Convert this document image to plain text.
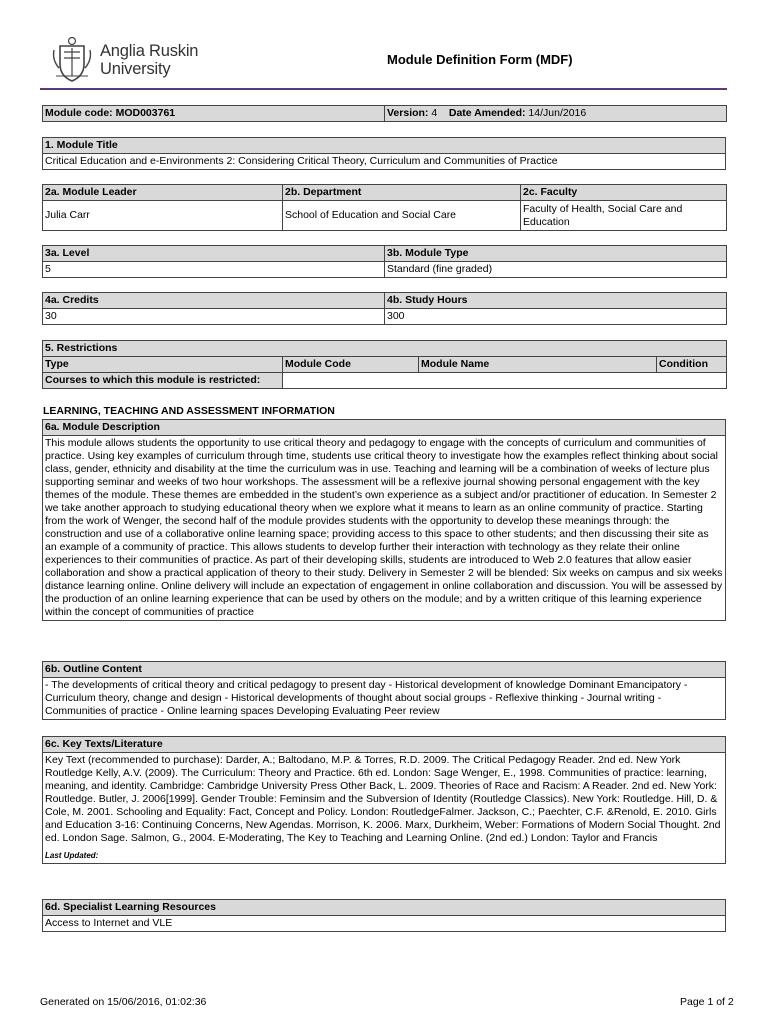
Anglia Ruskin
University
Module Definition Form (MDF)
Module code: MOD003761	Version: 4 Date Amended: 14/Jun/2016
1. Module Title
Critical Education and e-Environments 2: Considering Critical Theory, Curriculum and Communities of Practice
2a. Module Leader	2b. Department	2c. Faculty
Julia Carr	School of Education and Social Care	Faculty of Health, Social Care and Education
3a. Level	3b. Module Type
5	Standard (fine graded)
4a. Credits	4b. Study Hours
30	300
5. Restrictions			
Type	Module Code	Module Name	Condition
Courses to which this module is restricted:			
LEARNING, TEACHING AND ASSESSMENT INFORMATION
6a. Module Description
This module allows students the opportunity to use critical theory and pedagogy to engage with the concepts of curriculum and communities of practice. Using key examples of curriculum through time, students use critical theory to investigate how the examples reflect thinking about social class, gender, ethnicity and disability at the time the curriculum was in use. Teaching and learning will be a combination of weeks of lecture plus supporting seminar and weeks of two hour workshops. The assessment will be a reflexive journal showing personal engagement with the key themes of the module. These themes are embedded in the student’s own experience as a subject and/or practitioner of education. In Semester 2 we take another approach to studying educational theory when we explore what it means to learn as an online community of practice. Starting from the work of Wenger, the second half of the module provides students with the opportunity to develop these meanings through: the construction and use of a collaborative online learning space; providing access to this space to other students; and then discussing their site as an example of a community of practice. This allows students to develop further their interaction with technology as they relate their online experiences to their communities of practice. As part of their developing skills, students are introduced to Web 2.0 features that allow easier collaboration and show a practical application of theory to their study. Delivery in Semester 2 will be blended: Six weeks on campus and six weeks distance learning online. Online delivery will include an expectation of engagement in online collaboration and discussion. You will be assessed by the production of an online learning experience that can be used by others on the module; and by a written critique of this learning experience within the concept of communities of practice
6b. Outline Content
- The developments of critical theory and critical pedagogy to present day - Historical development of knowledge Dominant Emancipatory - Curriculum theory, change and design - Historical developments of thought about social groups - Reflexive thinking - Journal writing - Communities of practice - Online learning spaces Developing Evaluating Peer review
6c. Key Texts/Literature
Key Text (recommended to purchase): Darder, A.; Baltodano, M.P. & Torres, R.D. 2009. The Critical Pedagogy Reader. 2nd ed. New York Routledge Kelly, A.V. (2009). The Curriculum: Theory and Practice. 6th ed. London: Sage Wenger, E., 1998. Communities of practice: learning, meaning, and identity. Cambridge: Cambridge University Press Other Back, L. 2009. Theories of Race and Racism: A Reader. 2nd ed. New York: Routledge. Butler, J. 2006[1999]. Gender Trouble: Feminsim and the Subversion of Identity (Routledge Classics). New York: Routledge. Hill, D. & Cole, M. 2001. Schooling and Equality: Fact, Concept and Policy. London: RoutledgeFalmer. Jackson, C.; Paechter, C.F. &Renold, E. 2010. Girls and Education 3-16: Continuing Concerns, New Agendas. Morrison, K. 2006. Marx, Durkheim, Weber: Formations of Modern Social Thought. 2nd ed. London Sage. Salmon, G., 2004. E-Moderating, The Key to Teaching and Learning Online. (2nd ed.) London: Taylor and Francis
Last Updated:
6d. Specialist Learning Resources
Access to Internet and VLE
Generated on 15/06/2016, 01:02:36	Page 1 of 2
